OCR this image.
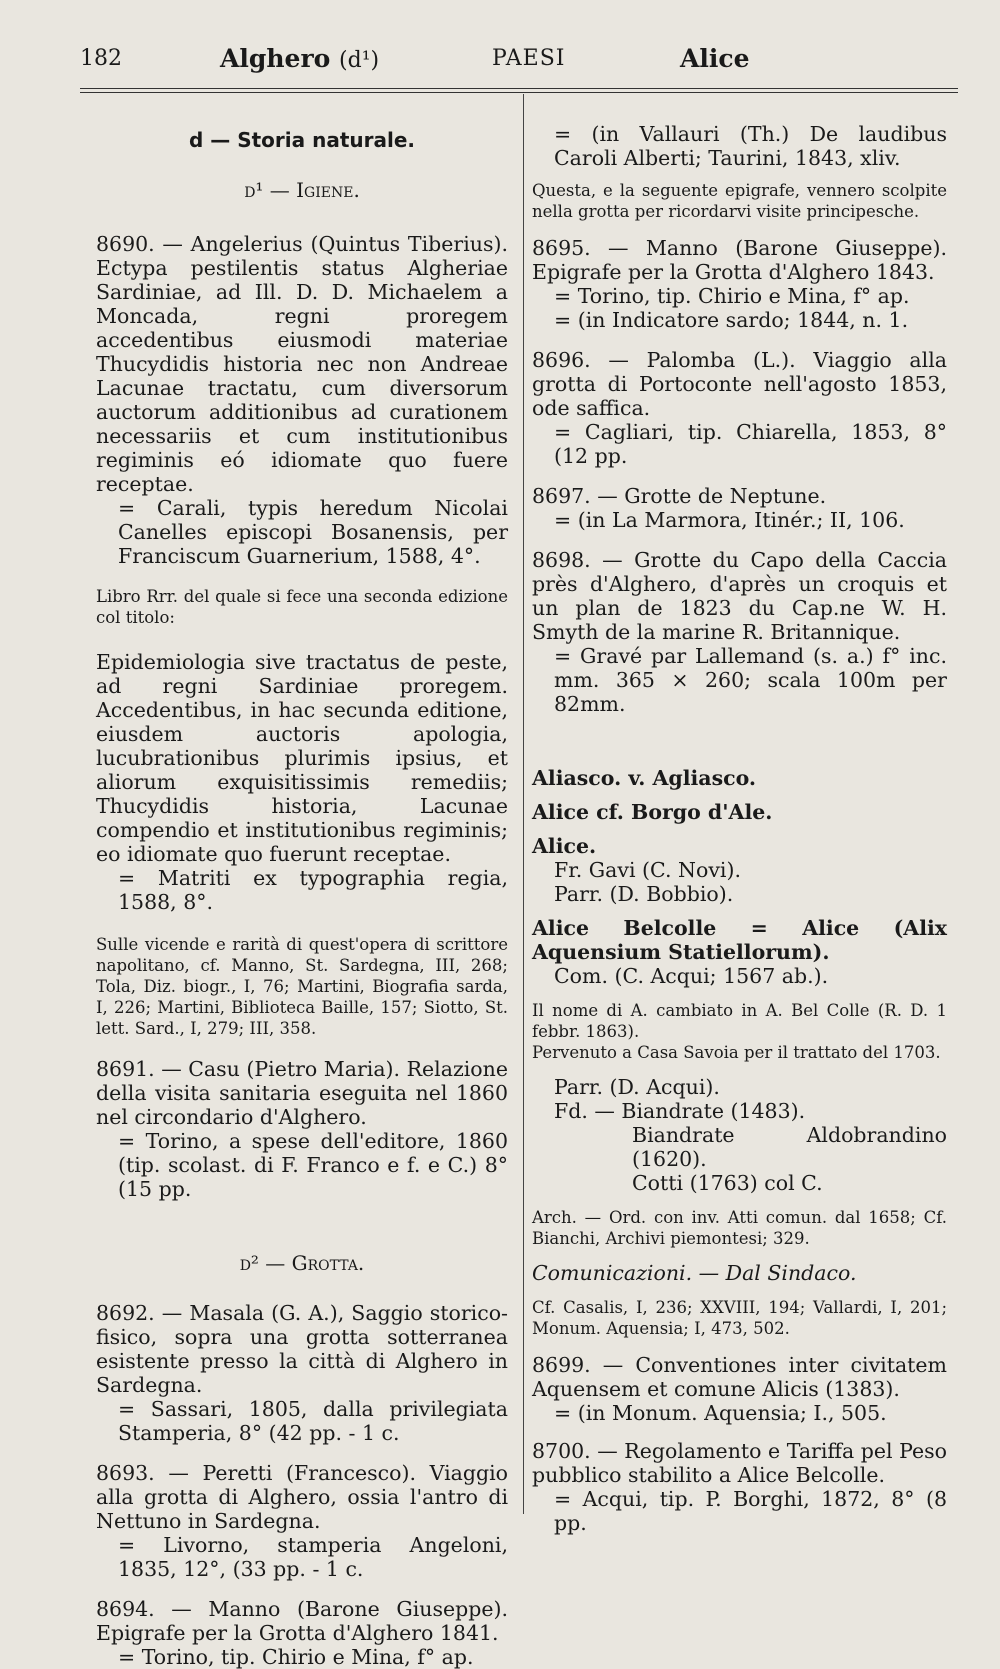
182	Alghero (d¹)	PAESI	Alice

d — Storia naturale.

d¹ — Igiene.

8690. — Angelerius (Quintus Tiberius). Ectypa pestilentis status Algheriae Sardiniae, ad Ill. D. D. Michaelem a Moncada, regni proregem accedentibus eiusmodi materiae Thucydidis historia nec non Andreae Lacunae tractatu, cum diversorum auctorum additionibus ad curationem necessariis et cum institutionibus regiminis eó idiomate quo fuere receptae.
= Carali, typis heredum Nicolai Canelles episcopi Bosanensis, per Franciscum Guarnerium, 1588, 4°.

Libro Rrr. del quale si fece una seconda edizione col titolo:

Epidemiologia sive tractatus de peste, ad regni Sardiniae proregem. Accedentibus, in hac secunda editione, eiusdem auctoris apologia, lucubrationibus plurimis ipsius, et aliorum exquisitissimis remediis; Thucydidis historia, Lacunae compendio et institutionibus regiminis; eo idiomate quo fuerunt receptae.

= Matriti ex typographia regia, 1588, 8°.

Sulle vicende e rarità di quest'opera di scrittore napolitano, cf. Manno, St. Sardegna, III, 268; Tola, Diz. biogr., I, 76; Martini, Biografia sarda, I, 226; Martini, Biblioteca Baille, 157; Siotto, St. lett. Sard., I, 279; III, 358.

8691. — Casu (Pietro Maria). Relazione della visita sanitaria eseguita nel 1860 nel circondario d'Alghero.
= Torino, a spese dell'editore, 1860 (tip. scolast. di F. Franco e f. e C.) 8° (15 pp.

d² — Grotta.

8692. — Masala (G. A.), Saggio storico-fisico, sopra una grotta sotterranea esistente presso la città di Alghero in Sardegna.
= Sassari, 1805, dalla privilegiata Stamperia, 8° (42 pp. - 1 c.
8693. — Peretti (Francesco). Viaggio alla grotta di Alghero, ossia l'antro di Nettuno in Sardegna.
= Livorno, stamperia Angeloni, 1835, 12°, (33 pp. - 1 c.
8694. — Manno (Barone Giuseppe). Epigrafe per la Grotta d'Alghero 1841.
= Torino, tip. Chirio e Mina, f° ap.

= (in Vallauri (Th.) De laudibus Caroli Alberti; Taurini, 1843, xliv.

Questa, e la seguente epigrafe, vennero scolpite nella grotta per ricordarvi visite principesche.

8695. — Manno (Barone Giuseppe). Epigrafe per la Grotta d'Alghero 1843.
= Torino, tip. Chirio e Mina, f° ap.
= (in Indicatore sardo; 1844, n. 1.
8696. — Palomba (L.). Viaggio alla grotta di Portoconte nell'agosto 1853, ode saffica.
= Cagliari, tip. Chiarella, 1853, 8° (12 pp.
8697. — Grotte de Neptune.
= (in La Marmora, Itinér.; II, 106.
8698. — Grotte du Capo della Caccia près d'Alghero, d'après un croquis et un plan de 1823 du Cap.ne W. H. Smyth de la marine R. Britannique.
= Gravé par Lallemand (s. a.) f° inc. mm. 365 × 260; scala 100m per 82mm.

Aliasco. v. Agliasco.

Alice cf. Borgo d'Ale.

Alice.

Fr. Gavi (C. Novi).

Parr. (D. Bobbio).

Alice Belcolle = Alice (Alix Aquensium Statiellorum).

Com. (C. Acqui; 1567 ab.).

Il nome di A. cambiato in A. Bel Colle (R. D. 1 febbr. 1863).

Pervenuto a Casa Savoia per il trattato del 1703.

Parr. (D. Acqui).

Fd. — Biandrate (1483).

Biandrate Aldobrandino (1620).

Cotti (1763) col C.

Arch. — Ord. con inv. Atti comun. dal 1658; Cf. Bianchi, Archivi piemontesi; 329.

Comunicazioni. — Dal Sindaco.

Cf. Casalis, I, 236; XXVIII, 194; Vallardi, I, 201; Monum. Aquensia; I, 473, 502.

8699. — Conventiones inter civitatem Aquensem et comune Alicis (1383).
= (in Monum. Aquensia; I., 505.
8700. — Regolamento e Tariffa pel Peso pubblico stabilito a Alice Belcolle.
= Acqui, tip. P. Borghi, 1872, 8° (8 pp.
